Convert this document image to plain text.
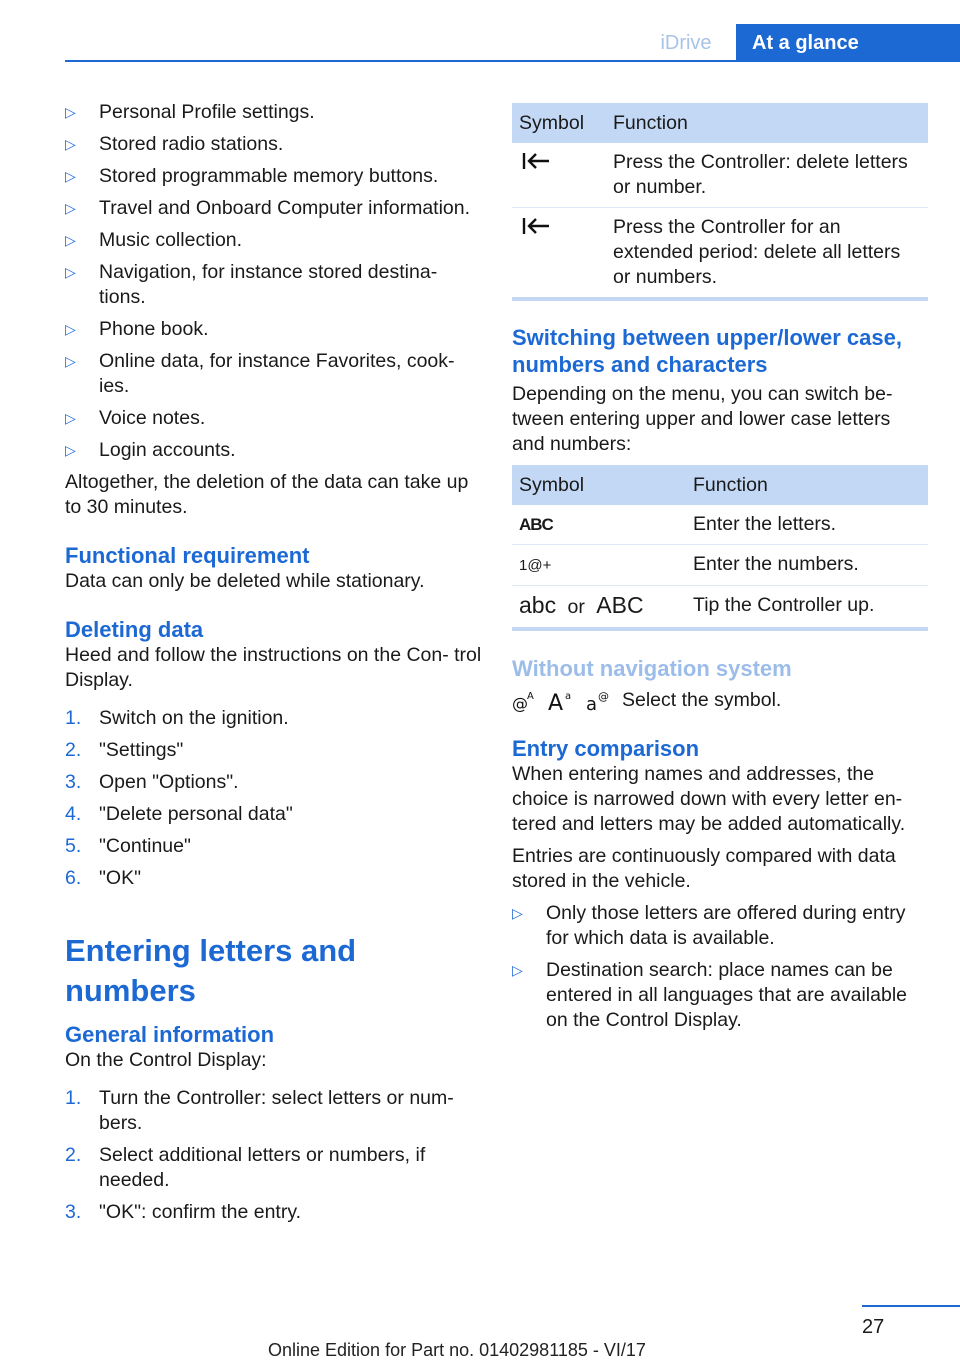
iDrive	At a glance
▷ Personal Profile settings.
▷ Stored radio stations.
▷ Stored programmable memory buttons.
▷ Travel and Onboard Computer information.
▷ Music collection.
▷ Navigation, for instance stored destina‐ tions.
▷ Phone book.
▷ Online data, for instance Favorites, cook‐ ies.
▷ Voice notes.
▷ Login accounts.

Altogether, the deletion of the data can take up to 30 minutes.

Functional requirement

Data can only be deleted while stationary.

Deleting data

Heed and follow the instructions on the Con‐ trol Display.

1. Switch on the ignition.
2. "Settings"
3. Open "Options".
4. "Delete personal data"
5. "Continue"
6. "OK"
Entering letters and numbers
General information

On the Control Display:

1. Turn the Controller: select letters or num‐ bers.
2. Select additional letters or numbers, if needed.
3. "OK": confirm the entry.
Symbol	Function
	Press the Controller: delete letters or number.
	Press the Controller for an extended period: delete all letters or numbers.
Switching between upper/lower case, numbers and characters

Depending on the menu, you can switch be‐ tween entering upper and lower case letters and numbers:

Symbol	Function
ABC	Enter the letters.
1@+	Enter the numbers.
abc or ABC	Tip the Controller up.
Without navigation system
@ A A a a @ Select the symbol.
Entry comparison

When entering names and addresses, the choice is narrowed down with every letter en‐ tered and letters may be added automatically.

Entries are continuously compared with data stored in the vehicle.

▷ Only those letters are offered during entry for which data is available.
▷ Destination search: place names can be entered in all languages that are available on the Control Display.
27
Online Edition for Part no. 01402981185 - VI/17
